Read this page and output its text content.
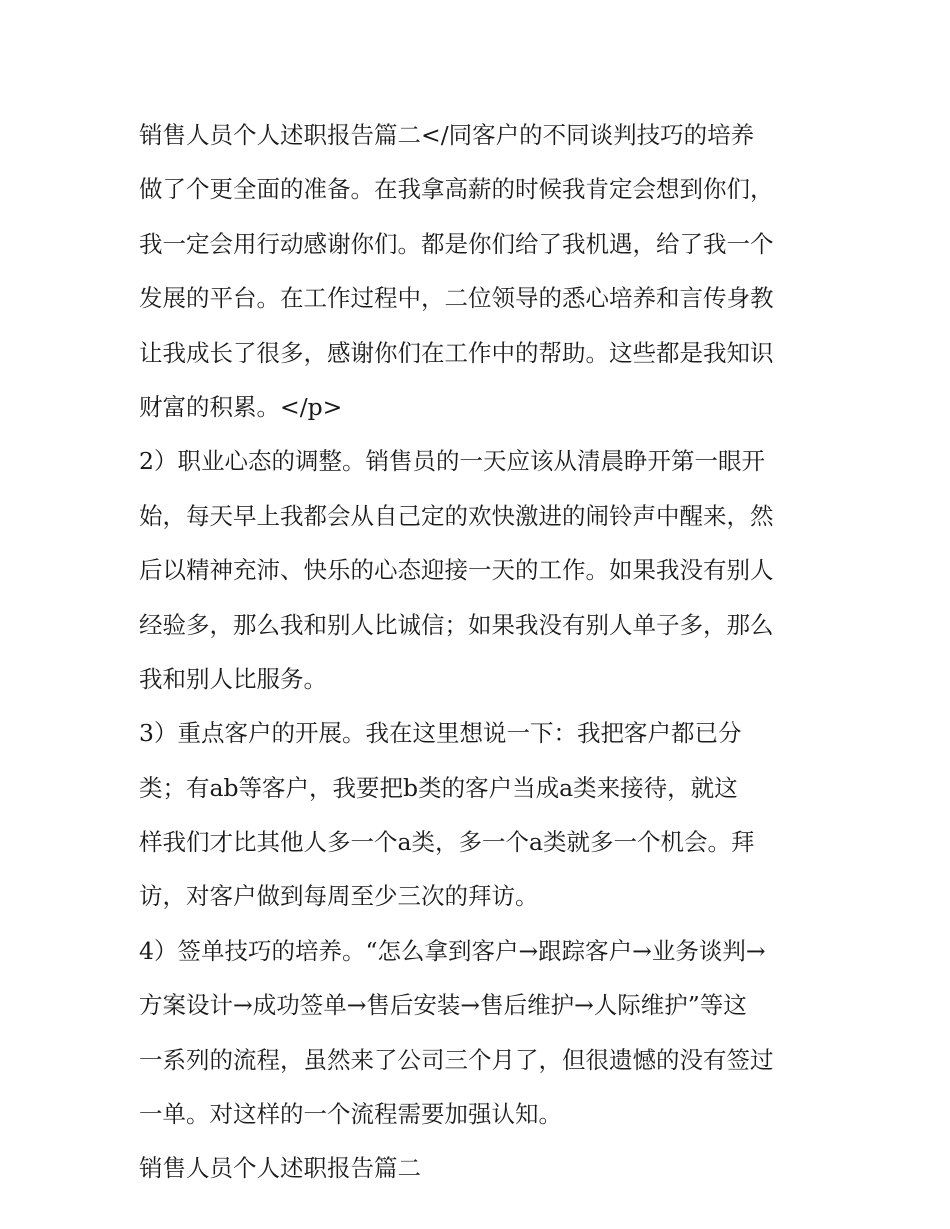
销售人员个人述职报告篇二</同客户的不同谈判技巧的培养
做了个更全面的准备。在我拿高薪的时候我肯定会想到你们，
我一定会用行动感谢你们。都是你们给了我机遇，给了我一个
发展的平台。在工作过程中，二位领导的悉心培养和言传身教
让我成长了很多，感谢你们在工作中的帮助。这些都是我知识
财富的积累。</p>
2）职业心态的调整。销售员的一天应该从清晨睁开第一眼开
始，每天早上我都会从自己定的欢快激进的闹铃声中醒来，然
后以精神充沛、快乐的心态迎接一天的工作。如果我没有别人
经验多，那么我和别人比诚信；如果我没有别人单子多，那么
我和别人比服务。
3）重点客户的开展。我在这里想说一下：我把客户都已分
类；有ab等客户，我要把b类的客户当成a类来接待，就这
样我们才比其他人多一个a类，多一个a类就多一个机会。拜
访，对客户做到每周至少三次的拜访。
4）签单技巧的培养。“怎么拿到客户→跟踪客户→业务谈判→
方案设计→成功签单→售后安装→售后维护→人际维护”等这
一系列的流程，虽然来了公司三个月了，但很遗憾的没有签过
一单。对这样的一个流程需要加强认知。
销售人员个人述职报告篇二
